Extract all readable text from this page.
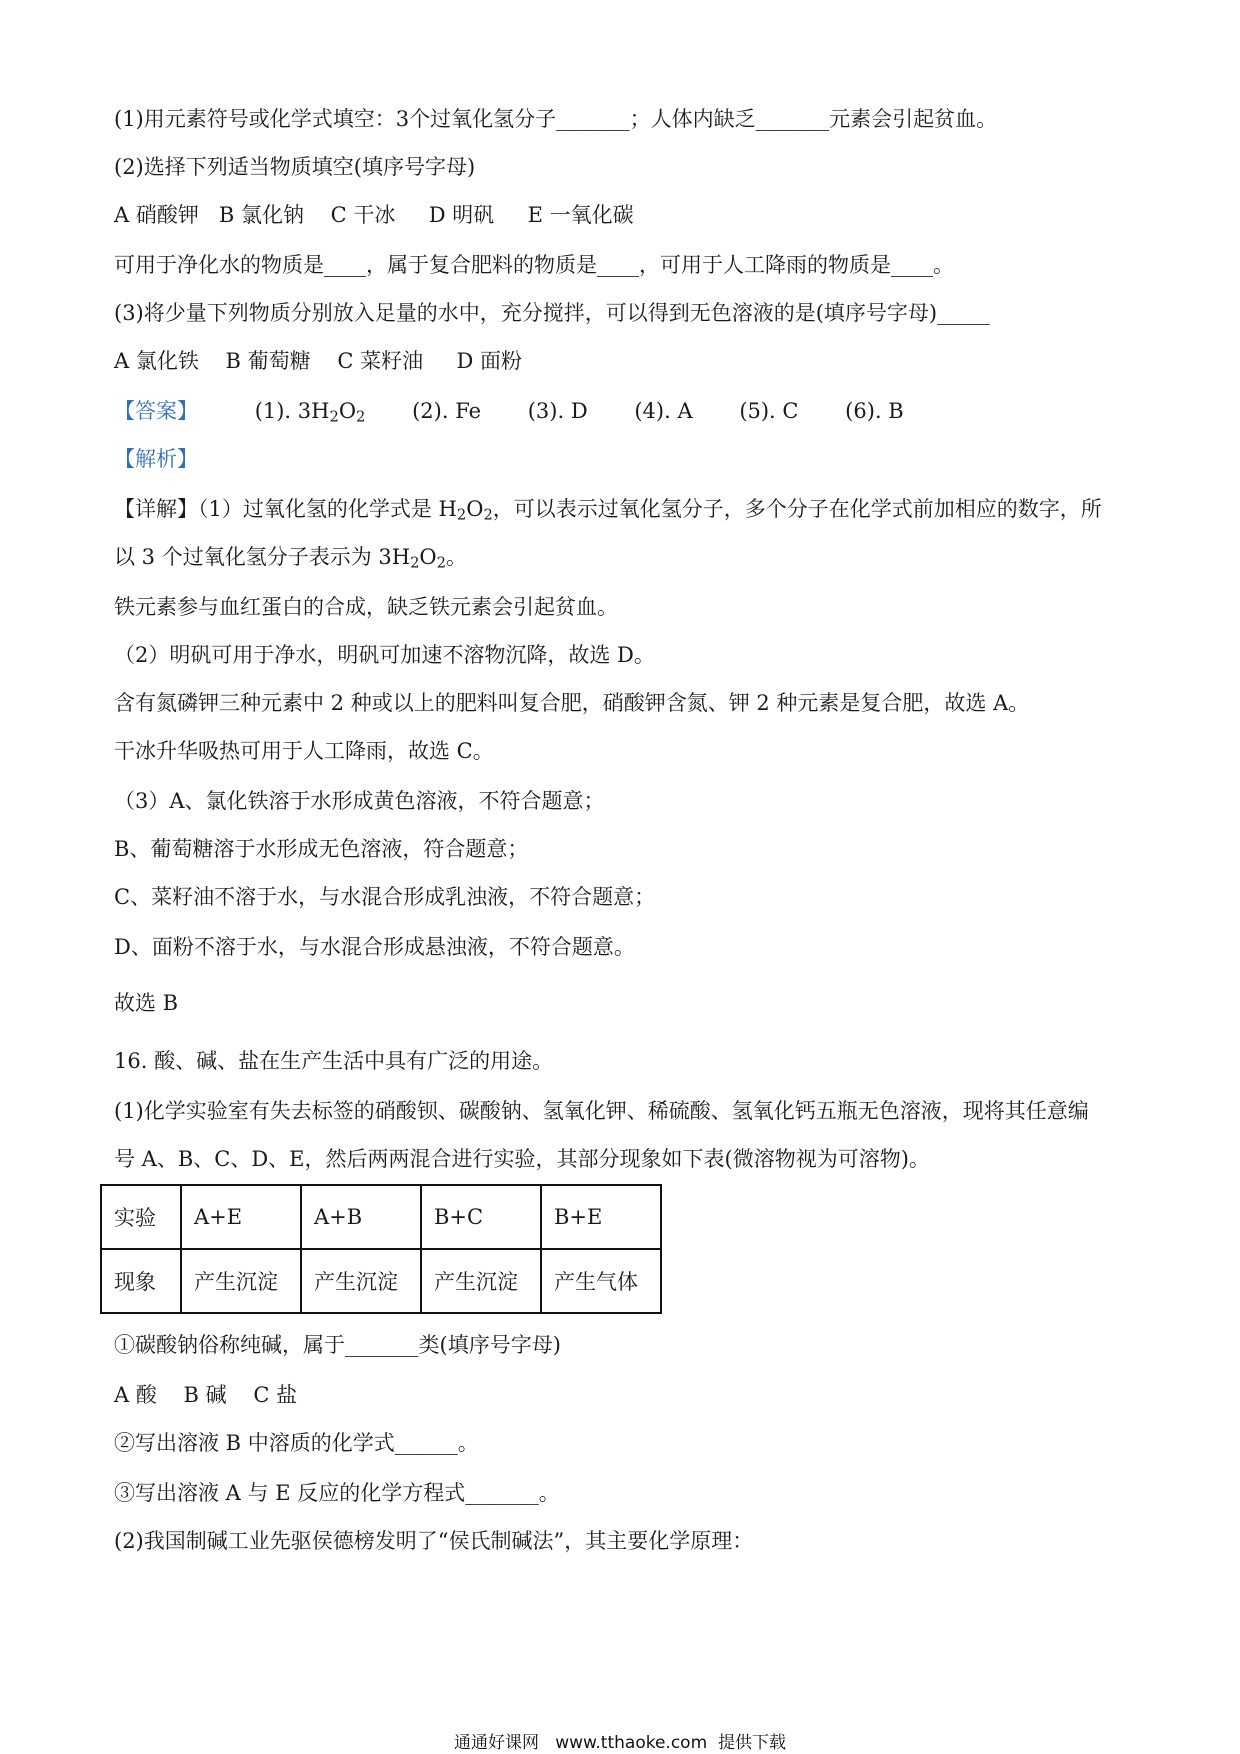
(1)用元素符号或化学式填空：3个过氧化氢分子_______；人体内缺乏_______元素会引起贫血。
(2)选择下列适当物质填空(填序号字母)
A 硝酸钾   B 氯化钠    C 干冰     D 明矾     E 一氧化碳
可用于净化水的物质是____，属于复合肥料的物质是____，可用于人工降雨的物质是____。
(3)将少量下列物质分别放入足量的水中，充分搅拌，可以得到无色溶液的是(填序号字母)_____
A 氯化铁    B 葡萄糖    C 菜籽油     D 面粉
【答案】	(1). $3H_2O_2$ (2). Fe (3). D (4). A (5). C (6). B
【解析】
【详解】（1）过氧化氢的化学式是 $H_2O_2$，可以表示过氧化氢分子，多个分子在化学式前加相应的数字，所
以 3 个过氧化氢分子表示为 $3H_2O_2$。
铁元素参与血红蛋白的合成，缺乏铁元素会引起贫血。
（2）明矾可用于净水，明矾可加速不溶物沉降，故选 D。
含有氮磷钾三种元素中 2 种或以上的肥料叫复合肥，硝酸钾含氮、钾 2 种元素是复合肥，故选 A。
干冰升华吸热可用于人工降雨，故选 C。
（3）A、氯化铁溶于水形成黄色溶液，不符合题意；
B、葡萄糖溶于水形成无色溶液，符合题意；
C、菜籽油不溶于水，与水混合形成乳浊液，不符合题意；
D、面粉不溶于水，与水混合形成悬浊液，不符合题意。
故选 B
16. 酸、碱、盐在生产生活中具有广泛的用途。
(1)化学实验室有失去标签的硝酸钡、碳酸钠、氢氧化钾、稀硫酸、氢氧化钙五瓶无色溶液，现将其任意编
号 A、B、C、D、E，然后两两混合进行实验，其部分现象如下表(微溶物视为可溶物)。
实验	A+E	A+B	B+C	B+E
现象	产生沉淀	产生沉淀	产生沉淀	产生气体
①碳酸钠俗称纯碱，属于_______类(填序号字母)
A 酸    B 碱    C 盐
②写出溶液 B 中溶质的化学式______。
③写出溶液 A 与 E 反应的化学方程式_______。
(2)我国制碱工业先驱侯德榜发明了“侯氏制碱法”，其主要化学原理：
通通好课网   www.tthaoke.com  提供下载
